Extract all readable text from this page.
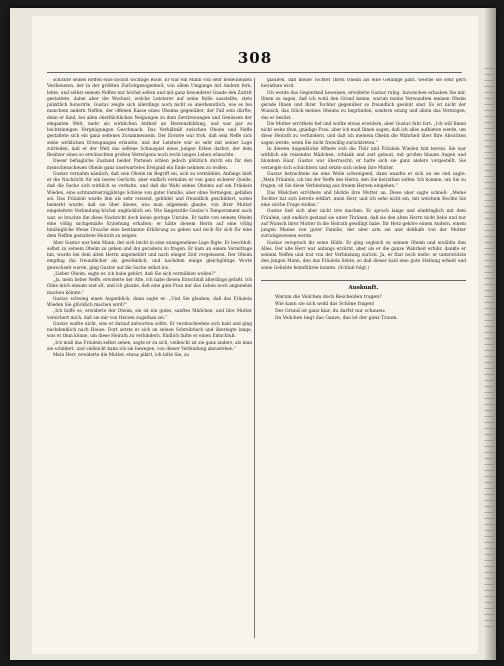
308

schickte seines Reffen eine höchst wichtige Rolle. Er war ein Mann von sehr bedeutenden Verdiensten, der in der größten Zurückgezogenheit, von allem Umgange mit Andern fern, lebte, und selbst seinem Neffen nur höchst selten und mit ganz besonderer Gnade den Zutritt gestattete, dabei aber die Wechsel, welche Letzterer auf seine Rolle ausstellte, stets pünktlich honorirte. Gustav zeigte sich allerdings auch nicht so unerkenntlich, wie es bei manchem andern Neffen, der offenen Kasse eines Oheims gegenüber, der Fall sein dürfte; denn er fand, bei allen oberflächlichen Neigungen zu dem Zerstreuungen und Genüssen der eleganten Welt, mehr als wirklichen Antheil an Herzensbildung, und war gar zu leichtsinnigen Vergnügungen Geschmack. Das Verhältniß zwischen Oheim und Neffe gestaltete sich ein ganz seltenes Zusammensein. Der Erstere war froh, daß sein Neffe sich seine wirklichen Erzeugungen erlaubte, und der Letztere war so sehr mit seiner Lage zufrieden, daß er der Welt das seltene Schauspiel eines jungen Erben darbot, der dem Besitzer eines so erwünschten großen Vermögens noch recht langes Leben wünschte.

Dieser behagliche Zustand beider Parteien schien jedoch plötzlich durch ein für den menschenscheuen Oheim ganz unerwartetes Ereigniß ein Ende nehmen zu wollen.

Gustav vernahm nämlich, daß sein Oheim im Begriff sei, sich zu vermählen. Anfangs hielt er die Nachricht für ein leeres Gerücht; aber endlich vernahm er von ganz sicherer Quelle, daß die Sache sich wirklich so verhalte, und daß die Wahl seines Oheims auf ein Fräulein Wieden, eine achtundvierzigjährige Schöne von guter Familie, aber ohne Vermögen, gefallen sei. Das Fräulein wurde ihm als sehr reizend, gebildet und freundlich geschildert, wobei bemerkt wurde, daß sie über dieses, was man allgemein glaube, von ihrer Mutter eingeleitete Verbindung höchst unglücklich sei. Wie längststille Gustav's Temperament auch war, so brachte ihn diese Nachricht doch keine geringe Unruhe. Er hatte von seinem Oheim eine völlig sachgemäße Erziehung erhalten; er hätte diesem Herrn auf eine völlig hinlängliche Weise Ursache eine bestimmte Erklärung zu geben und doch für sich für eine dem Neffen gestattete Heirath zu zeigen.

Aber Gustav war kein Mann, der sich leicht in eine unangenehme Lage fügte. Er beschloß, selbst zu seinem Oheim zu gehen und ihn geradezu zu fragen. Er kam an einem Vormittage hin, wurde bei dem alten Herrn angemeldet und nach einiger Zeit vorgelassen. Der Oheim empfing ihn freundlicher als gewöhnlich, und nachdem einige gleichgültige Worte gewechselt waren, ging Gustav auf die Sache selbst los.

„Lieber Oheim, sagte er, ich habe gehört, daß Sie sich vermählen wollen?“

„Ja, mein lieber Neffe, erwiderte der Alte, ich habe diesen Entschluß allerdings gefaßt. Ich fühle mich einsam und alt, und ich glaube, daß eine gute Frau mir das Leben noch angenehm machen könnte.“

Gustav schwieg einen Augenblick, dann sagte er: „Und Sie glauben, daß das Fräulein Wieden Sie glücklich machen wird?“

„Ich hoffe es, erwiderte der Oheim, sie ist ein gutes, sanftes Mädchen, und ihre Mutter versichert mich, daß sie mir von Herzen zugethan sei.“

Gustav wußte nicht, was er darauf antworten sollte. Er verabschiedete sich bald und ging nachdenklich nach Hause. Dort setzte er sich an seinen Schreibtisch und überlegte lange, was er thun könne, um diese Heirath zu verhindern. Endlich faßte er einen Entschluß.

„Ich muß das Fräulein selbst sehen, sagte er zu sich, vielleicht ist sie ganz anders, als man sie schildert, und vielleicht kann ich sie bewegen, von dieser Verbindung abzustehen.“

Mein Herr, erwiderte die Mutter, etwas pikirt, ich bitte Sie, zu

glauben, daß meine Tochter Ihren Oheim als eine Gefällige paßt, welche sie sehr gern heirathen wird.

Ich werde das Gegentheil beweisen, erwiderte Gustav ruhig. Inzwischen erlauben Sie mir, Ihnen zu sagen, daß ich wohl den Grund kenne, warum meine Verwandten meinen Oheim gerade Ihnen und Ihrer Tochter gegenüber so freundlich gesinnt sind. Es ist nicht der Wunsch, das Glück meines Oheims zu begründen, sondern einzig und allein das Vermögen, das er besitzt.

Die Mutter erröthete tief und wollte etwas erwidern, aber Gustav fuhr fort: „Ich will Ihnen nicht wehe thun, gnädige Frau, aber ich muß Ihnen sagen, daß ich alles aufbieten werde, um diese Heirath zu verhindern, und daß ich meinem Oheim die Wahrheit über Ihre Absichten sagen werde, wenn Sie nicht freiwillig zurücktreten.“

In diesem Augenblicke öffnete sich die Thür und Fräulein Wieden trat herein. Sie war wirklich ein reizendes Mädchen, schlank und zart gebaut, mit großen blauen Augen und blondem Haar. Gustav war überrascht; er hatte sich sie ganz anders vorgestellt. Sie verneigte sich schüchtern und setzte sich neben ihre Mutter.

Gustav betrachtete sie eine Weile schweigend, dann wandte er sich an sie und sagte: „Mein Fräulein, ich bin der Neffe des Herrn, den Sie heirathen sollen. Ich komme, um Sie zu fragen, ob Sie diese Verbindung aus freiem Herzen eingehen.“

Das Mädchen erröthete und blickte ihre Mutter an. Diese aber sagte schnell: „Meine Tochter hat sich bereits erklärt, mein Herr, und ich sehe nicht ein, mit welchem Rechte Sie eine solche Frage stellen.“

Gustav ließ sich aber nicht irre machen. Er sprach lange und eindringlich mit dem Fräulein, und endlich gestand sie unter Thränen, daß sie den alten Herrn nicht liebe und nur auf Wunsch ihrer Mutter in die Heirath gewilligt habe. Ihr Herz gehöre einem Andern, einem jungen Manne von guter Familie, der aber arm sei und deßhalb von der Mutter zurückgewiesen werde.

Gustav versprach ihr seine Hülfe. Er ging sogleich zu seinem Oheim und erzählte ihm Alles. Der alte Herr war anfangs erzürnt, aber als er die ganze Wahrheit erfuhr, dankte er seinem Neffen und trat von der Verbindung zurück. Ja, er that noch mehr: er unterstützte den jungen Mann, den das Fräulein liebte, so daß dieser bald eine gute Stellung erhielt und seine Geliebte heimführen konnte. (Schluß folgt.)

Auskunft.
Warum die Veilchen doch Bescheiden tragen?
Wie kann sie sich wohl das Schöne fragen!
Der Grund ist ganz klar, du darfst nur schauen:
Im Veilchen liegt das Ganze, das ist der ganz Traum.
